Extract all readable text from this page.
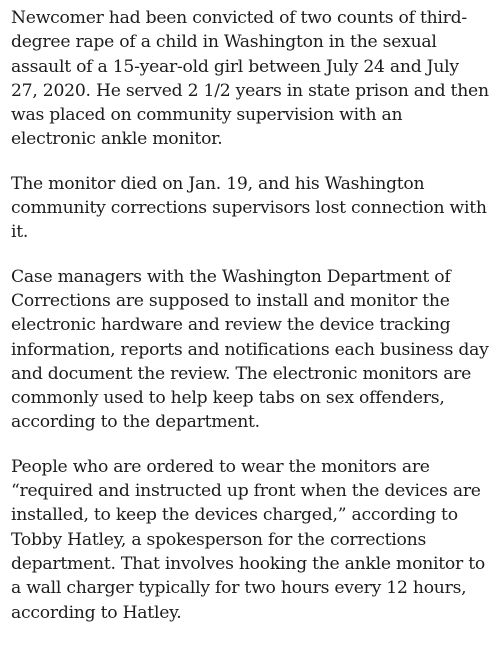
Newcomer had been convicted of two counts of third-degree rape of a child in Washington in the sexual assault of a 15-year-old girl between July 24 and July 27, 2020. He served 2 1/2 years in state prison and then was placed on community supervision with an electronic ankle monitor.

The monitor died on Jan. 19, and his Washington community corrections supervisors lost connection with it.

Case managers with the Washington Department of Corrections are supposed to install and monitor the electronic hardware and review the device tracking information, reports and notifications each business day and document the review. The electronic monitors are commonly used to help keep tabs on sex offenders, according to the department.

People who are ordered to wear the monitors are “required and instructed up front when the devices are installed, to keep the devices charged,” according to Tobby Hatley, a spokesperson for the corrections department. That involves hooking the ankle monitor to a wall charger typically for two hours every 12 hours, according to Hatley.
